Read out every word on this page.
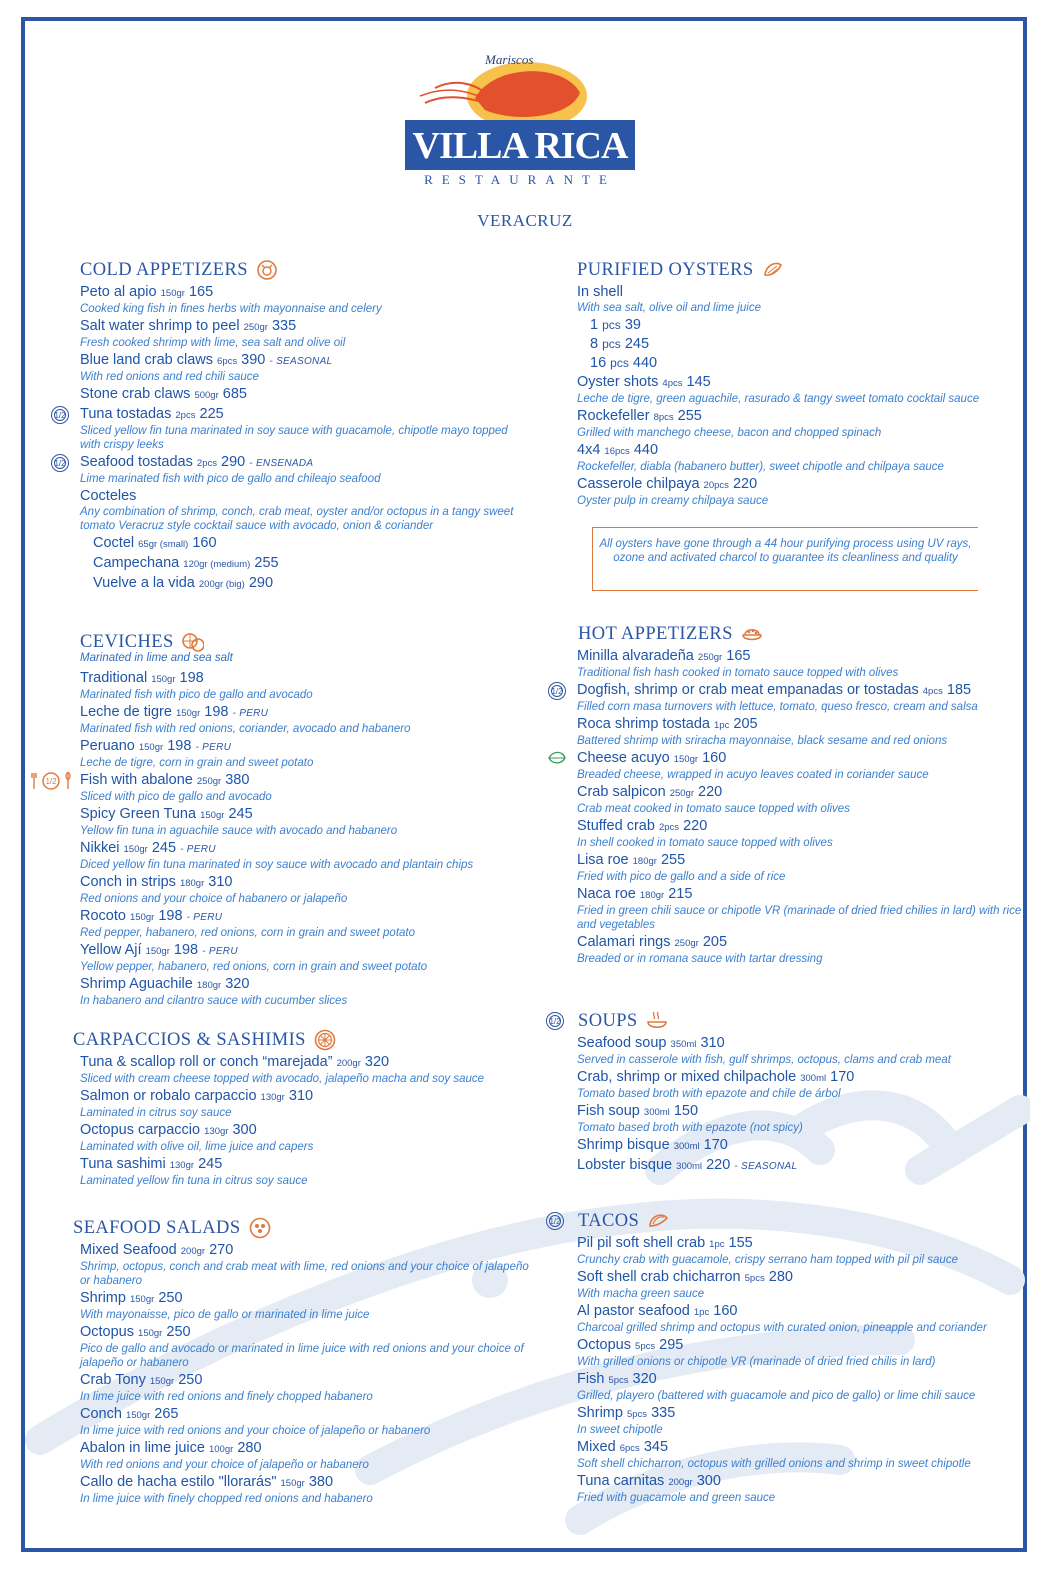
Mariscos
VILLA RICA
RESTAURANTE
VERACRUZ
COLD APPETIZERS
Peto al apio 150gr 165
Cooked king fish in fines herbs with mayonnaise and celery
Salt water shrimp to peel 250gr 335
Fresh cooked shrimp with lime, sea salt and olive oil
Blue land crab claws 6pcs 390 - SEASONAL
With red onions and red chili sauce
Stone crab claws 500gr 685
Tuna tostadas 2pcs 225
Sliced yellow fin tuna marinated in soy sauce with guacamole, chipotle mayo topped with crispy leeks
1/2
Seafood tostadas 2pcs 290 - ENSENADA
Lime marinated fish with pico de gallo and chileajo seafood
1/2
Cocteles
Any combination of shrimp, conch, crab meat, oyster and/or octopus in a tangy sweet tomato Veracruz style cocktail sauce with avocado, onion & coriander
Coctel 65gr (small) 160
Campechana 120gr (medium) 255
Vuelve a la vida 200gr (big) 290
CEVICHES
Marinated in lime and sea salt
Traditional 150gr 198
Marinated fish with pico de gallo and avocado
Leche de tigre 150gr 198 - PERU
Marinated fish with red onions, coriander, avocado and habanero
Peruano 150gr 198 - PERU
Leche de tigre, corn in grain and sweet potato
Fish with abalone 250gr 380
Sliced with pico de gallo and avocado
1/2
Spicy Green Tuna 150gr 245
Yellow fin tuna in aguachile sauce with avocado and habanero
Nikkei 150gr 245 - PERU
Diced yellow fin tuna marinated in soy sauce with avocado and plantain chips
Conch in strips 180gr 310
Red onions and your choice of habanero or jalapeño
Rocoto 150gr 198 - PERU
Red pepper, habanero, red onions, corn in grain and sweet potato
Yellow Ají 150gr 198 - PERU
Yellow pepper, habanero, red onions, corn in grain and sweet potato
Shrimp Aguachile 180gr 320
In habanero and cilantro sauce with cucumber slices
CARPACCIOS & SASHIMIS
Tuna & scallop roll or conch “marejada” 200gr 320
Sliced with cream cheese topped with avocado, jalapeño macha and soy sauce
Salmon or robalo carpaccio 130gr 310
Laminated in citrus soy sauce
Octopus carpaccio 130gr 300
Laminated with olive oil, lime juice and capers
Tuna sashimi 130gr 245
Laminated yellow fin tuna in citrus soy sauce
SEAFOOD SALADS
Mixed Seafood 200gr 270
Shrimp, octopus, conch and crab meat with lime, red onions and your choice of jalapeño or habanero
Shrimp 150gr 250
With mayonaisse, pico de gallo or marinated in lime juice
Octopus 150gr 250
Pico de gallo and avocado or marinated in lime juice with red onions and your choice of jalapeño or habanero
Crab Tony 150gr 250
In lime juice with red onions and finely chopped habanero
Conch 150gr 265
In lime juice with red onions and your choice of jalapeño or habanero
Abalon in lime juice 100gr 280
With red onions and your choice of jalapeño or habanero
Callo de hacha estilo "llorarás" 150gr 380
In lime juice with finely chopped red onions and habanero
PURIFIED OYSTERS
In shell
With sea salt, olive oil and lime juice
1 pcs 39
8 pcs 245
16 pcs 440
Oyster shots 4pcs 145
Leche de tigre, green aguachile, rasurado & tangy sweet tomato cocktail sauce
Rockefeller 8pcs 255
Grilled with manchego cheese, bacon and chopped spinach
4x4 16pcs 440
Rockefeller, diabla (habanero butter), sweet chipotle and chilpaya sauce
Casserole chilpaya 20pcs 220
Oyster pulp in creamy chilpaya sauce
HOT APPETIZERS
Minilla alvaradeña 250gr 165
Traditional fish hash cooked in tomato sauce topped with olives
Dogfish, shrimp or crab meat empanadas or tostadas 4pcs 185
Filled corn masa turnovers with lettuce, tomato, queso fresco, cream and salsa
1/2
Roca shrimp tostada 1pc 205
Battered shrimp with sriracha mayonnaise, black sesame and red onions
Cheese acuyo 150gr 160
Breaded cheese, wrapped in acuyo leaves coated in coriander sauce
Crab salpicon 250gr 220
Crab meat cooked in tomato sauce topped with olives
Stuffed crab 2pcs 220
In shell cooked in tomato sauce topped with olives
Lisa roe 180gr 255
Fried with pico de gallo and a side of rice
Naca roe 180gr 215
Fried in green chili sauce or chipotle VR (marinade of dried fried chilies in lard) with rice and vegetables
Calamari rings 250gr 205
Breaded or in romana sauce with tartar dressing
SOUPS
1/2
Seafood soup 350ml 310
Served in casserole with fish, gulf shrimps, octopus, clams and crab meat
Crab, shrimp or mixed chilpachole 300ml 170
Tomato based broth with epazote and chile de árbol
Fish soup 300ml 150
Tomato based broth with epazote (not spicy)
Shrimp bisque 300ml 170
Lobster bisque 300ml 220 - SEASONAL
TACOS
1/2
Pil pil soft shell crab 1pc 155
Crunchy crab with guacamole, crispy serrano ham topped with pil pil sauce
Soft shell crab chicharron 5pcs 280
With macha green sauce
Al pastor seafood 1pc 160
Charcoal grilled shrimp and octopus with curated onion, pineapple and coriander
Octopus 5pcs 295
With grilled onions or chipotle VR (marinade of dried fried chilis in lard)
Fish 5pcs 320
Grilled, playero (battered with guacamole and pico de gallo) or lime chili sauce
Shrimp 5pcs 335
In sweet chipotle
Mixed 6pcs 345
Soft shell chicharron, octopus with grilled onions and shrimp in sweet chipotle
Tuna carnitas 200gr 300
Fried with guacamole and green sauce
All oysters have gone through a 44 hour purifying process using UV rays, ozone and activated charcol to guarantee its cleanliness and quality
